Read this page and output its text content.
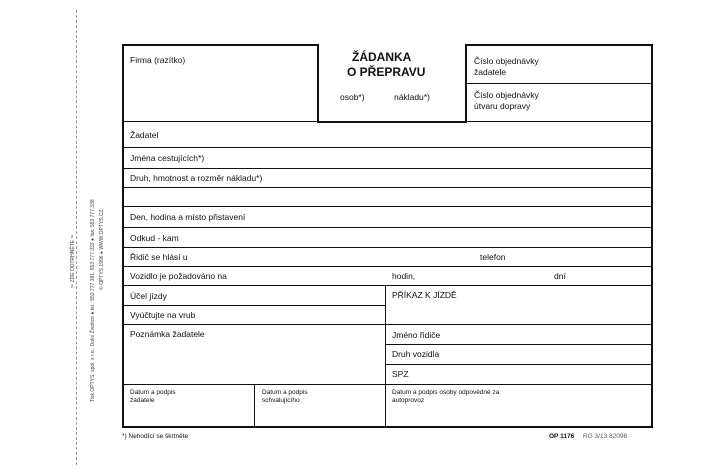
✂ ZDE ODTRHNĚTE ✂	Tisk OPTYS, spol. s r.o., Dolní Životice ● tel.: 553 777 381, 553 777 333 ● fax: 553 777 338 © OPTYS 1996 ● WWW.OPTYS.CZ
Firma (razítko)	ŽÁDANKA
O PŘEPRAVU
osob*)	nákladu*)
Číslo objednávky žadatele
Číslo objednávky útvaru dopravy
Žadatel
Jména cestujících*)
Druh, hmotnost a rozměr nákladu*)
Den, hodina a místo přistavení
Odkud - kam
Řidič se hlásí u	telefon
Vozidlo je požadováno na	hodin,	dní
Účel jízdy
Vyúčtujte na vrub
Poznámka žadatele
PŘÍKAZ K JÍZDĚ
Jméno řidiče
Druh vozidla
SPZ
Datum a podpis žadatele
Datum a podpis schvalujícího
Datum a podpis osoby odpovědné za autoprovoz
*) Nehodící se škrtněte	OP 1176 RG 3/13 82098
